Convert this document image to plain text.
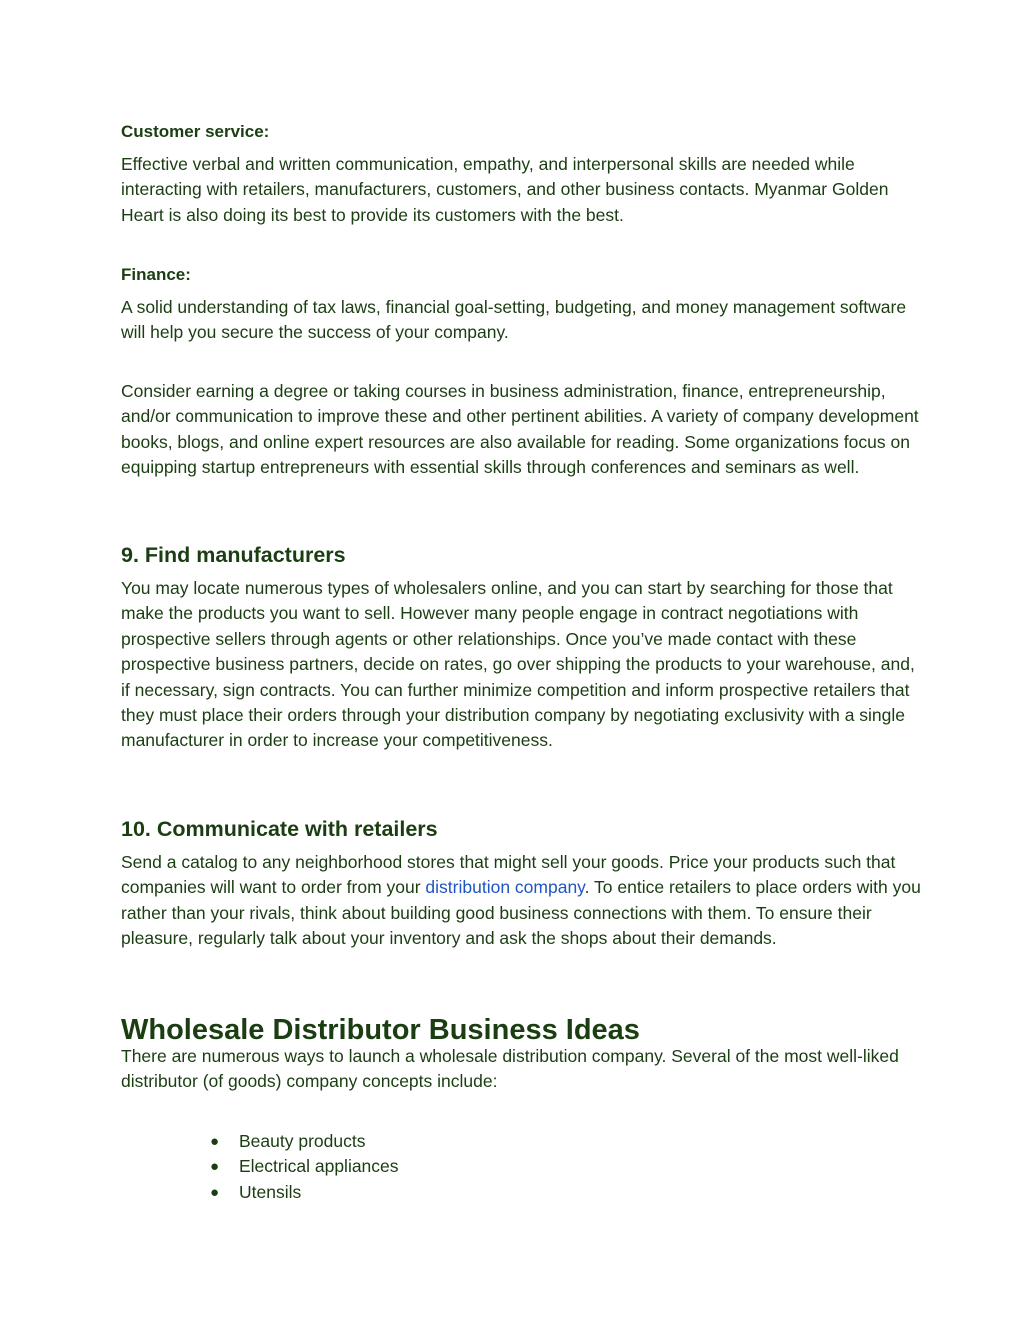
Customer service:

Effective verbal and written communication, empathy, and interpersonal skills are needed while interacting with retailers, manufacturers, customers, and other business contacts. Myanmar Golden Heart is also doing its best to provide its customers with the best.

Finance:

A solid understanding of tax laws, financial goal-setting, budgeting, and money management software will help you secure the success of your company.

Consider earning a degree or taking courses in business administration, finance, entrepreneurship, and/or communication to improve these and other pertinent abilities. A variety of company development books, blogs, and online expert resources are also available for reading. Some organizations focus on equipping startup entrepreneurs with essential skills through conferences and seminars as well.

9. Find manufacturers

You may locate numerous types of wholesalers online, and you can start by searching for those that make the products you want to sell. However many people engage in contract negotiations with prospective sellers through agents or other relationships. Once you’ve made contact with these prospective business partners, decide on rates, go over shipping the products to your warehouse, and, if necessary, sign contracts. You can further minimize competition and inform prospective retailers that they must place their orders through your distribution company by negotiating exclusivity with a single manufacturer in order to increase your competitiveness.

10. Communicate with retailers

Send a catalog to any neighborhood stores that might sell your goods. Price your products such that companies will want to order from your distribution company. To entice retailers to place orders with you rather than your rivals, think about building good business connections with them. To ensure their pleasure, regularly talk about your inventory and ask the shops about their demands.

Wholesale Distributor Business Ideas

There are numerous ways to launch a wholesale distribution company. Several of the most well-liked distributor (of goods) company concepts include:

● Beauty products
● Electrical appliances
● Utensils
